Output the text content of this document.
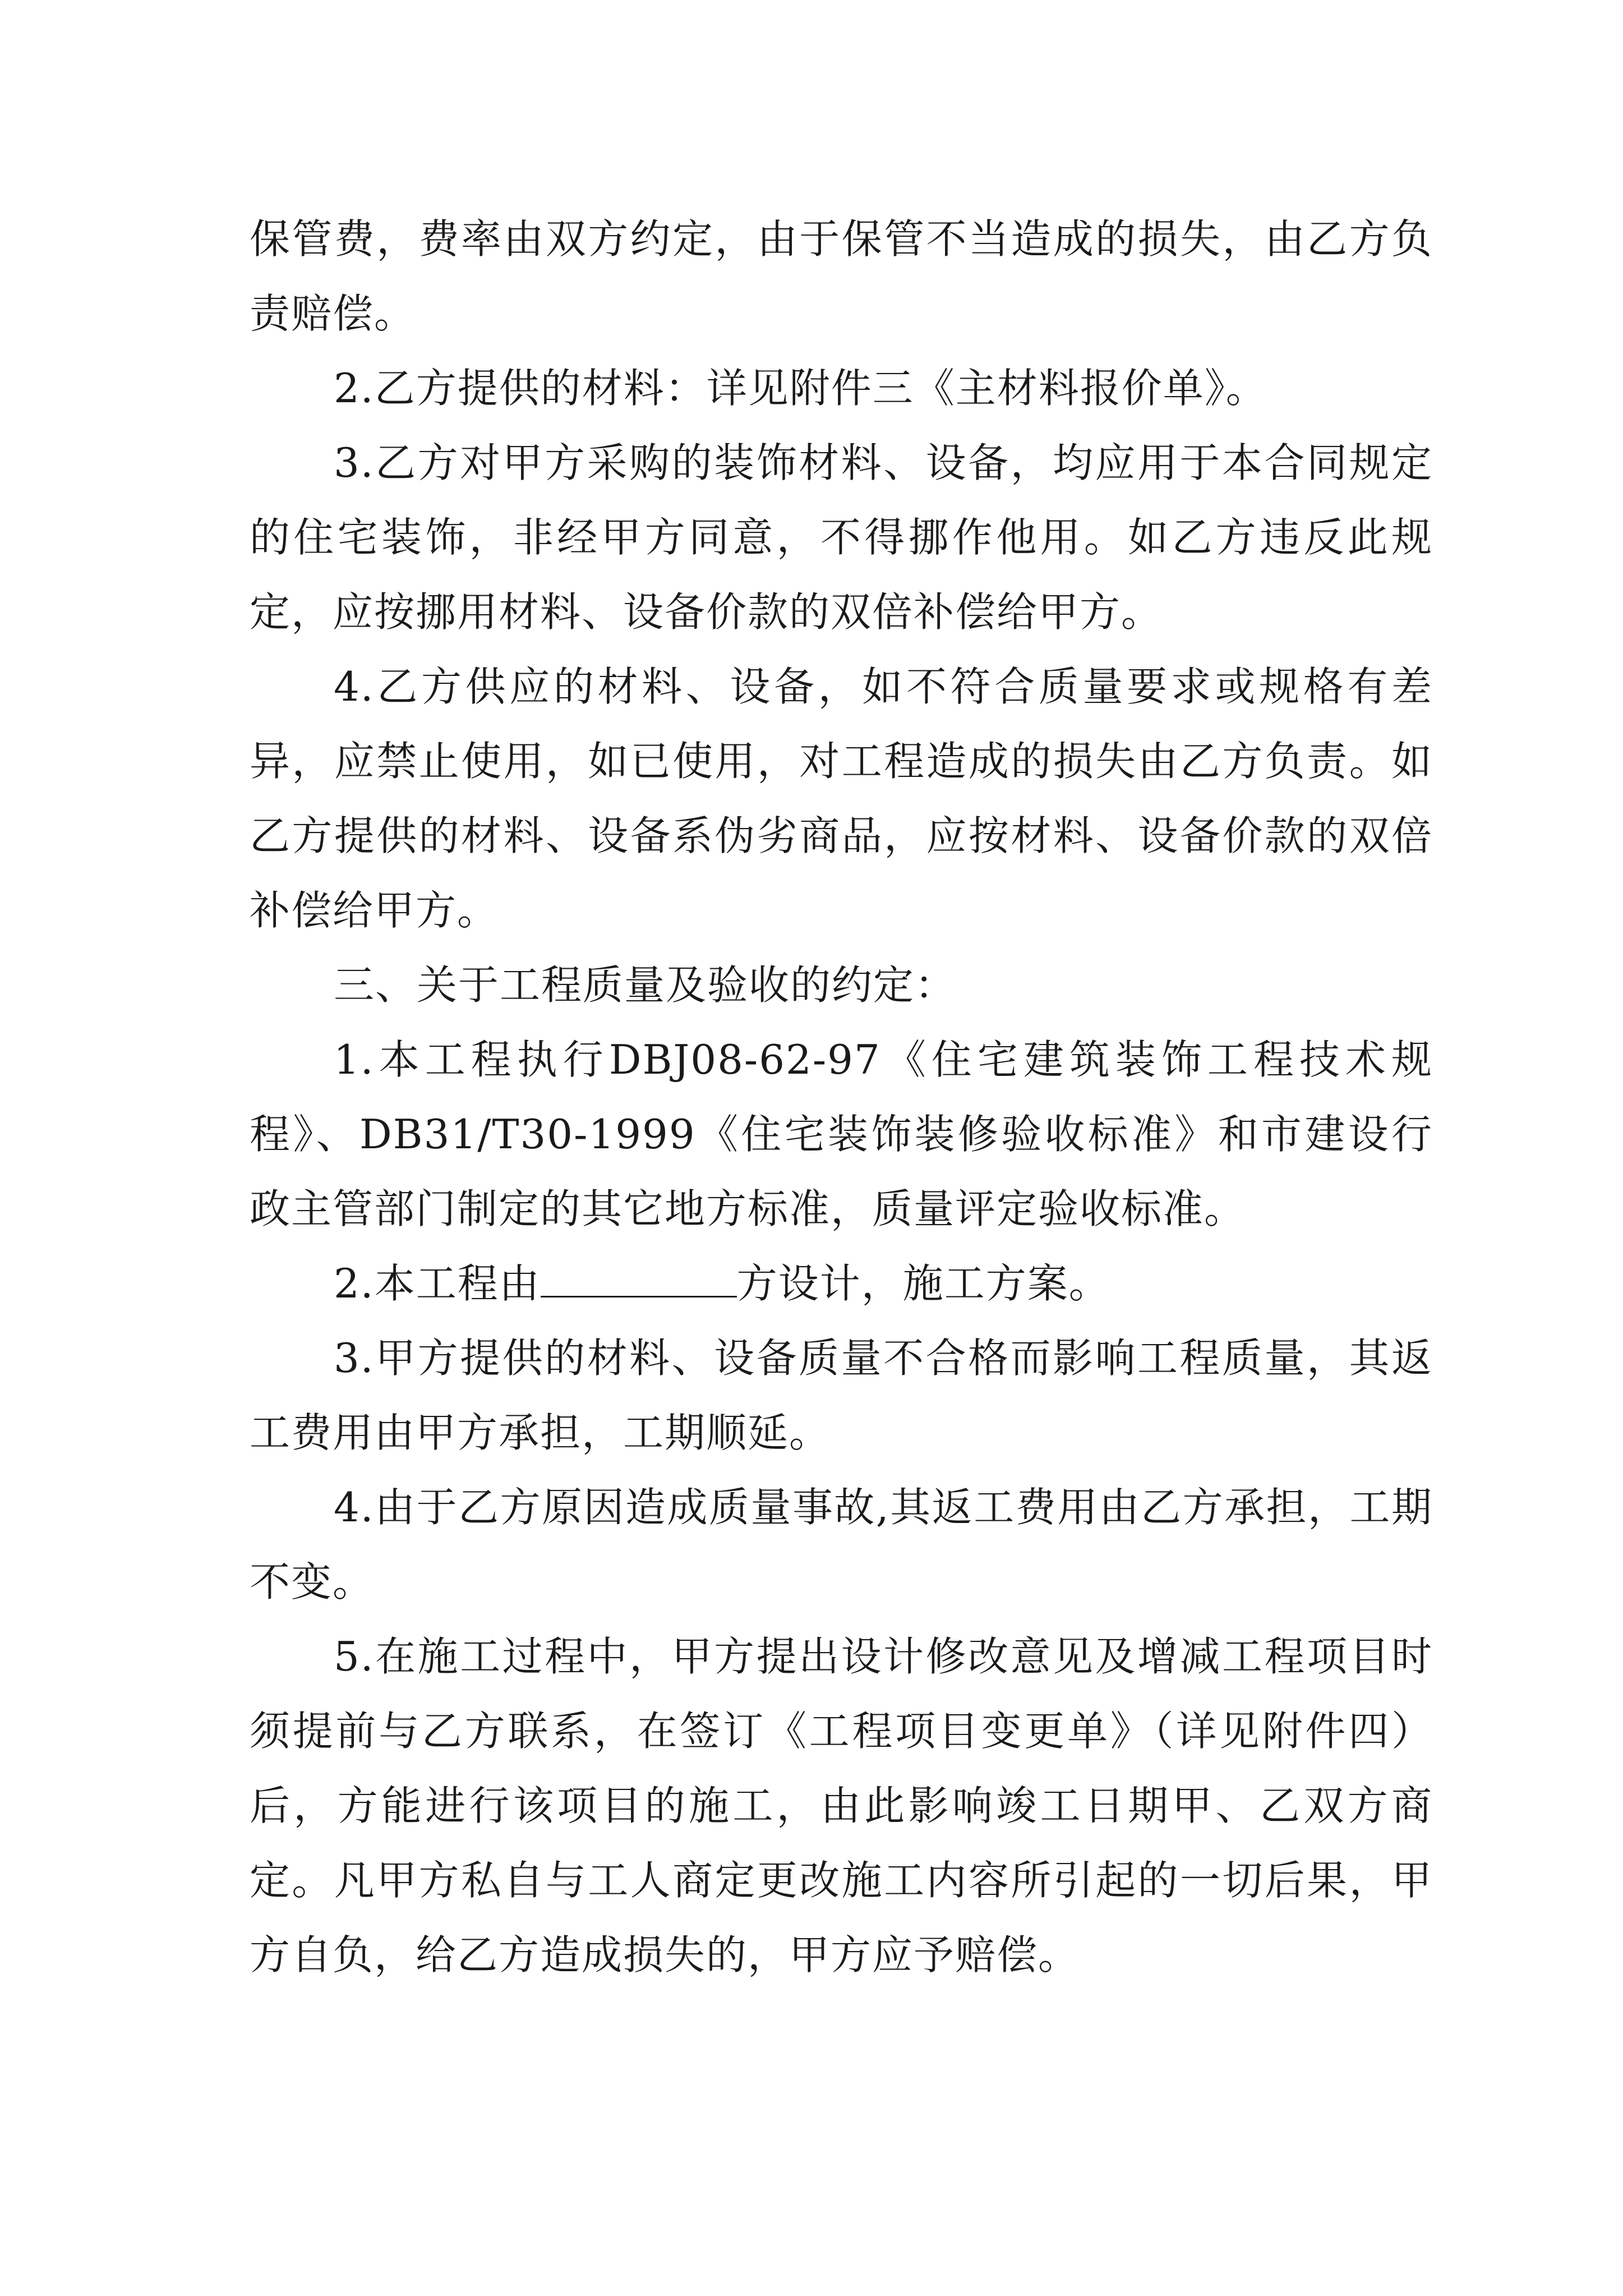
保管费，费率由双方约定，由于保管不当造成的损失，由乙方负责赔偿。

2.乙方提供的材料：详见附件三《主材料报价单》。

3.乙方对甲方采购的装饰材料、设备，均应用于本合同规定的住宅装饰，非经甲方同意，不得挪作他用。如乙方违反此规定，应按挪用材料、设备价款的双倍补偿给甲方。

4.乙方供应的材料、设备，如不符合质量要求或规格有差异，应禁止使用，如已使用，对工程造成的损失由乙方负责。如乙方提供的材料、设备系伪劣商品，应按材料、设备价款的双倍补偿给甲方。

三、关于工程质量及验收的约定：

1.本工程执行DBJ08-62-97《住宅建筑装饰工程技术规程》、DB31/T30-1999《住宅装饰装修验收标准》和市建设行政主管部门制定的其它地方标准，质量评定验收标准。

2.本工程由	方设计，施工方案。

3.甲方提供的材料、设备质量不合格而影响工程质量，其返工费用由甲方承担，工期顺延。

4.由于乙方原因造成质量事故,其返工费用由乙方承担，工期不变。

5.在施工过程中，甲方提出设计修改意见及增减工程项目时须提前与乙方联系，在签订《工程项目变更单》（详见附件四）后，方能进行该项目的施工，由此影响竣工日期甲、乙双方商定。凡甲方私自与工人商定更改施工内容所引起的一切后果，甲方自负，给乙方造成损失的，甲方应予赔偿。
